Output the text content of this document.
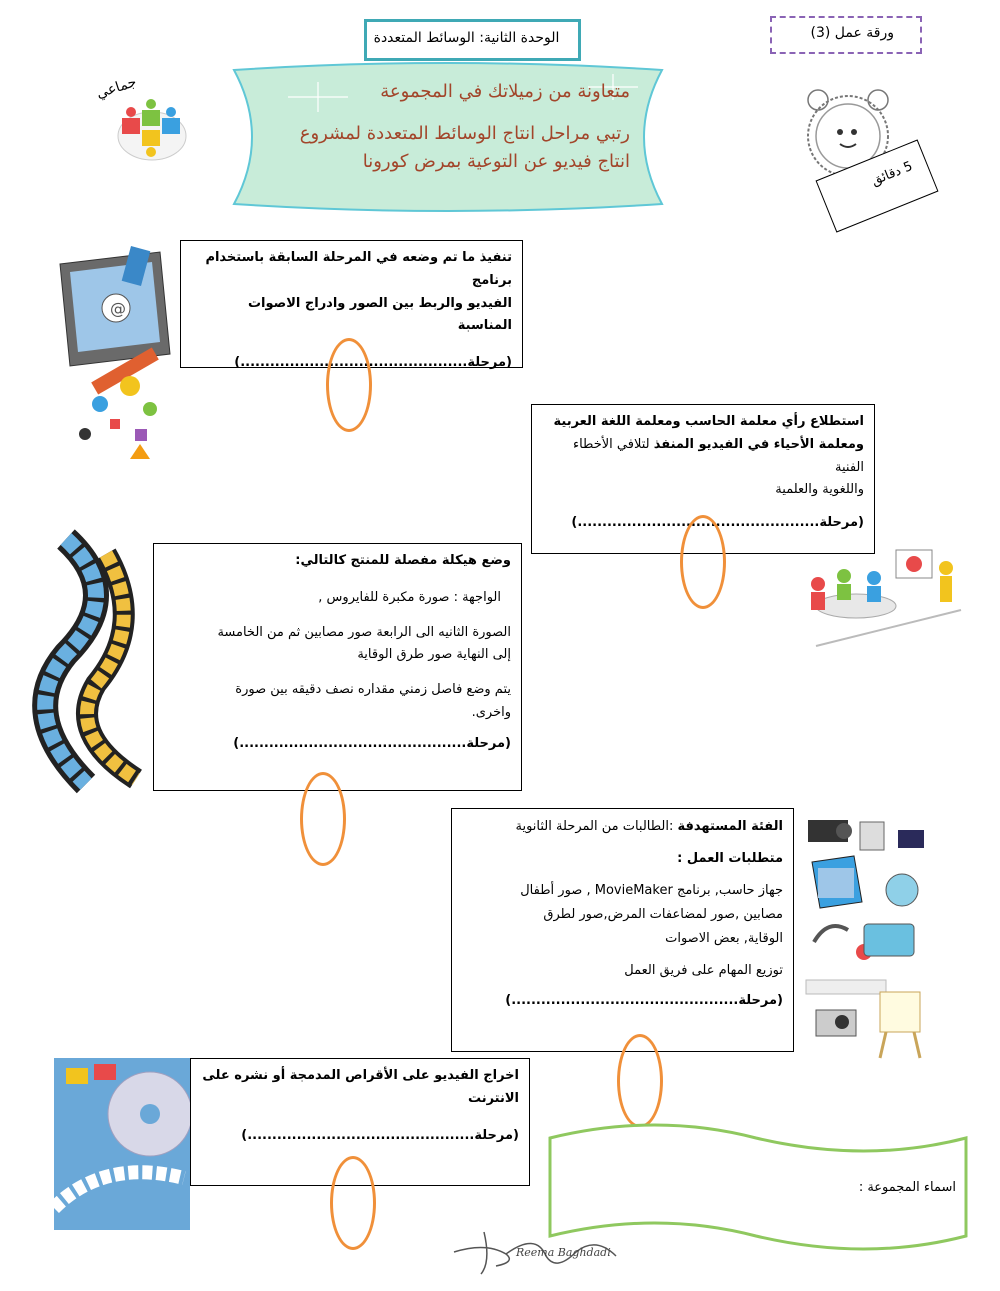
ورقة عمل (3)
الوحدة الثانية: الوسائط المتعددة
جماعي	متعاونة من زميلاتك في المجموعة
رتبي مراحل انتاج الوسائط المتعددة لمشروع
انتاج فيديو عن التوعية بمرض كورونا
5 دقائق
@

تنفيذ ما تم وضعه في المرحلة السابقة باستخدام برنامج

الفيديو والربط بين الصور وادراج الاصوات المناسبة

(مرحلة..............................................)

استطلاع رأي معلمة الحاسب ومعلمة اللغة العربية

ومعلمة الأحياء في الفيديو المنفذ لتلافي الأخطاء الفنية

واللغوية والعلمية

(مرحلة.................................................)

وضع هيكلة مفصلة للمنتج كالتالي:

الواجهة : صورة مكبرة للفايروس ,

الصورة الثانيه الى الرابعة صور مصابين ثم من الخامسة

إلى النهاية صور طرق الوقاية

يتم وضع فاصل زمني مقداره نصف دقيقه بين صورة

واخرى.

(مرحلة..............................................)

الفئة المستهدفة :الطالبات من المرحلة الثانوية

متطلبات العمل :

جهاز حاسب, برنامج MovieMaker , صور أطفال

مصابين ,صور لمضاعفات المرض,صور لطرق

الوقاية, بعض الاصوات

توزيع المهام على فريق العمل

(مرحلة..............................................)

اخراج الفيديو على الأقراص المدمجة أو نشره على

الانترنت

(مرحلة..............................................)

اسماء المجموعة :
Reema Baghdadi
